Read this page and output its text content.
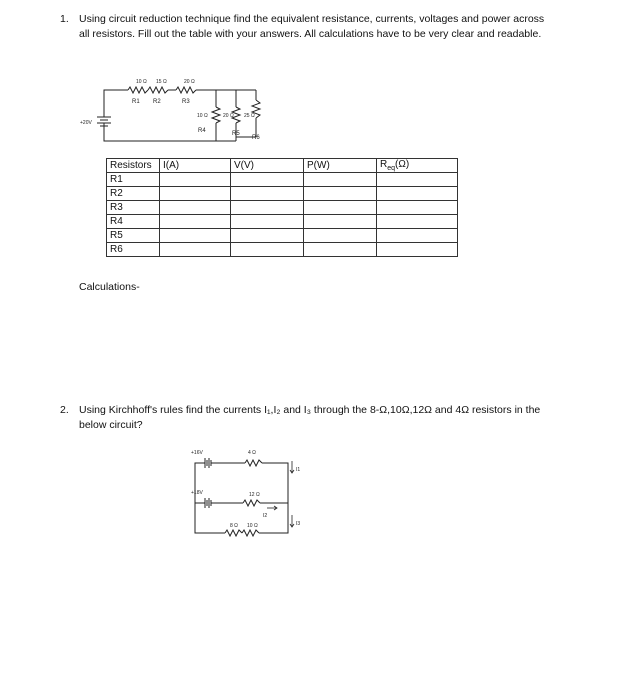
1. Using circuit reduction technique find the equivalent resistance, currents, voltages and power across all resistors. Fill out the table with your answers. All calculations have to be very clear and readable.
10 Ω 15 Ω	20 Ω
10 Ω	20 Ω 25 Ω
+20V
R1 R2	R3
R4	R5
R6
Resistors	I(A)	V(V)	P(W)	$R_{eq}(\Omega)$
R1				
R2				
R3				
R4				
R5				
R6				
Calculations-
2. Using Kirchhoff's rules find the currents I₁,I₂ and I₃ through the 8-Ω,10Ω,12Ω and 4Ω resistors in the below circuit?
+16V
+18V
4 Ω
12 Ω
8 Ω 10 Ω
I1
I2
I3
